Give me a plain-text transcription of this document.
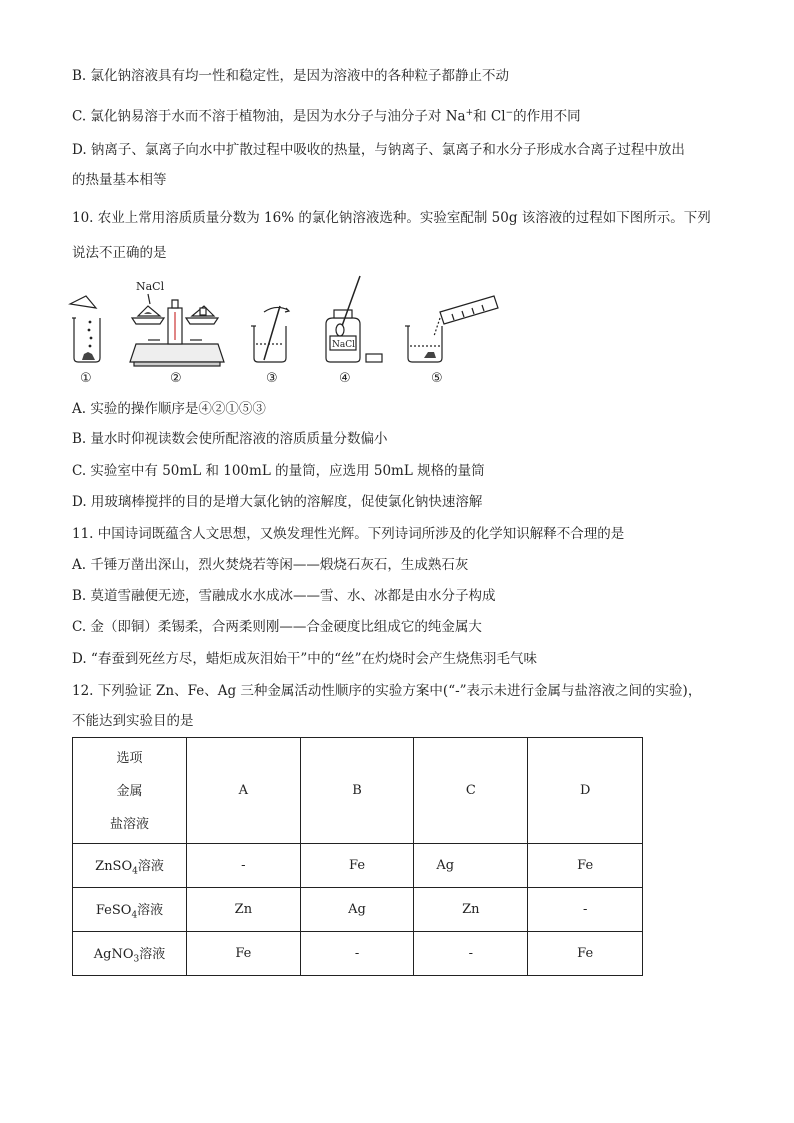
B. 氯化钠溶液具有均一性和稳定性，是因为溶液中的各种粒子都静止不动
C. 氯化钠易溶于水而不溶于植物油，是因为水分子与油分子对 Na+和 Cl−的作用不同
D. 钠离子、氯离子向水中扩散过程中吸收的热量，与钠离子、氯离子和水分子形成水合离子过程中放出
的热量基本相等
10. 农业上常用溶质质量分数为 16% 的氯化钠溶液选种。实验室配制 50g 该溶液的过程如下图所示。下列
说法不正确的是
NaCl
NaCl
①	②	③	④	⑤
A. 实验的操作顺序是④②①⑤③
B. 量水时仰视读数会使所配溶液的溶质质量分数偏小
C. 实验室中有 50mL 和 100mL 的量筒，应选用 50mL 规格的量筒
D. 用玻璃棒搅拌的目的是增大氯化钠的溶解度，促使氯化钠快速溶解
11. 中国诗词既蕴含人文思想，又焕发理性光辉。下列诗词所涉及的化学知识解释不合理的是
A. 千锤万凿出深山，烈火焚烧若等闲——煅烧石灰石，生成熟石灰
B. 莫道雪融便无迹，雪融成水水成冰——雪、水、冰都是由水分子构成
C. 金（即铜）柔锡柔，合两柔则刚——合金硬度比组成它的纯金属大
D. “春蚕到死丝方尽，蜡炬成灰泪始干”中的“丝”在灼烧时会产生烧焦羽毛气味
12. 下列验证 Zn、Fe、Ag 三种金属活动性顺序的实验方案中(“-”表示未进行金属与盐溶液之间的实验)，
不能达到实验目的是
选项
金属
盐溶液	A	B	C	D
ZnSO$_4$溶液	-	Fe	Ag	Fe
FeSO$_4$溶液	Zn	Ag	Zn	-
AgNO$_3$溶液	Fe	-	-	Fe
